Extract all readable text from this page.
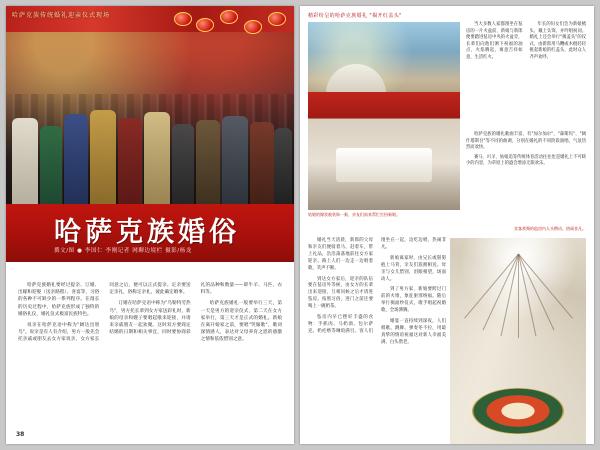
哈萨克族传统婚礼迎亲仪式现场
哈萨克族婚俗
撰文/图 ● 李国仁 李刚记者 网聊边境栏 摄影/杨龙

哈萨克族婚礼要经过提亲、订婚、出嫁和迎娶（送亲路程）、喜宴等，习俗的各种不可缺少的一系列程序。在漫长的历史过程中，哈萨克族形成了独特的婚俗礼仪，婚礼仪式极富民族特色。

说亲在哈萨克语中称为"阔达出别乌"。说亲是有人有介绍，男方一般先会托亲戚或朋友去女方家说亲，女方家长同意之后，便可以正式提亲。定亲要送定亲礼，俗称定亲礼，彼此确定婚事。

订婚在哈萨克语中称为"乌勒特劳热乌"，男方托长辈到女方家送彩礼时，新娘的母亲和嫂子要唱起歌来迎接，并请来亲戚朋友一起欢聚。这时双方要商定结婚的日期和相关事宜，同时要协商彩礼的品种和数量——即牛羊、马匹、衣料等。

哈萨克族婚礼一般要举行三天，第一天是男方的迎亲仪式，第二天在女方家举行，第三天才是正式的婚礼。新娘在离开娘家之前，要唱"哭嫁歌"，歌词深情感人，表达对父母养育之恩的感激之情和依依惜别之意。

38
精彩纷呈的哈萨克族婚礼 "揭开红盖头"

当大多数人家都围坐在毡房的一片火盆前，新娘与新郎便要踏进毡房中央的火盆旁，长辈们向他们洒下祝福的油点，火焰腾起，寓意吉祥如意，生活红火。

年长的妇女们会为新娘梳头、戴上头饰，并吟唱祝词。婚礼上还会举行"揭盖头"的仪式，由新郎用马鞭或木棍轻轻挑起新娘的红盖头，此时众人齐声欢呼。

哈萨克族的婚礼歌曲丰富，有"加尔加尔"、"森斯玛"、"阔什塔斯吾"等不同的曲调，分别在婚礼的不同阶段演唱，气氛热烈而欢快。

赛马、叼羊、姑娘追等传统体育活动往往也是婚礼上不可缺少的内容，为草原上的盛会增添无限欢乐。

姑娘的嫁妆被装饰一新，亲友们前来帮忙打扮新娘。
宾客欢聚的毡房内人头攒动、热闹非凡。

婚礼当天清晨，新郎的父母和亲友们便骑着马、赶着车，带上礼品，浩浩荡荡地前往女方家迎亲。路上人们一边走一边唱着歌，笑声不断。

到达女方家后，迎亲的队伍要在毡房外等候，由女方的长辈出来迎接，互相问候之后才请进毡房。按照习俗，进门之前还要喝上一碗奶茶。

毡房内早已摆好丰盛的食物：手抓肉、马奶酒、包尔萨克、奶疙瘩等琳琅满目。客人们围坐在一起，边吃边唱，热闹非凡。

新娘离家时，由兄长或舅舅抱上马背，亲友们簇拥相送。母亲与女儿惜别，泪眼相望，场面动人。

到了男方家，新娘要跨过门前的火堆，象征驱邪纳福。随后举行揭面纱仪式，歌手唱起祝婚歌，全场沸腾。

婚宴一直持续到深夜，人们唱歌、跳舞、弹奏冬不拉，用最真挚的情谊祝福这对新人幸福美满、白头偕老。
